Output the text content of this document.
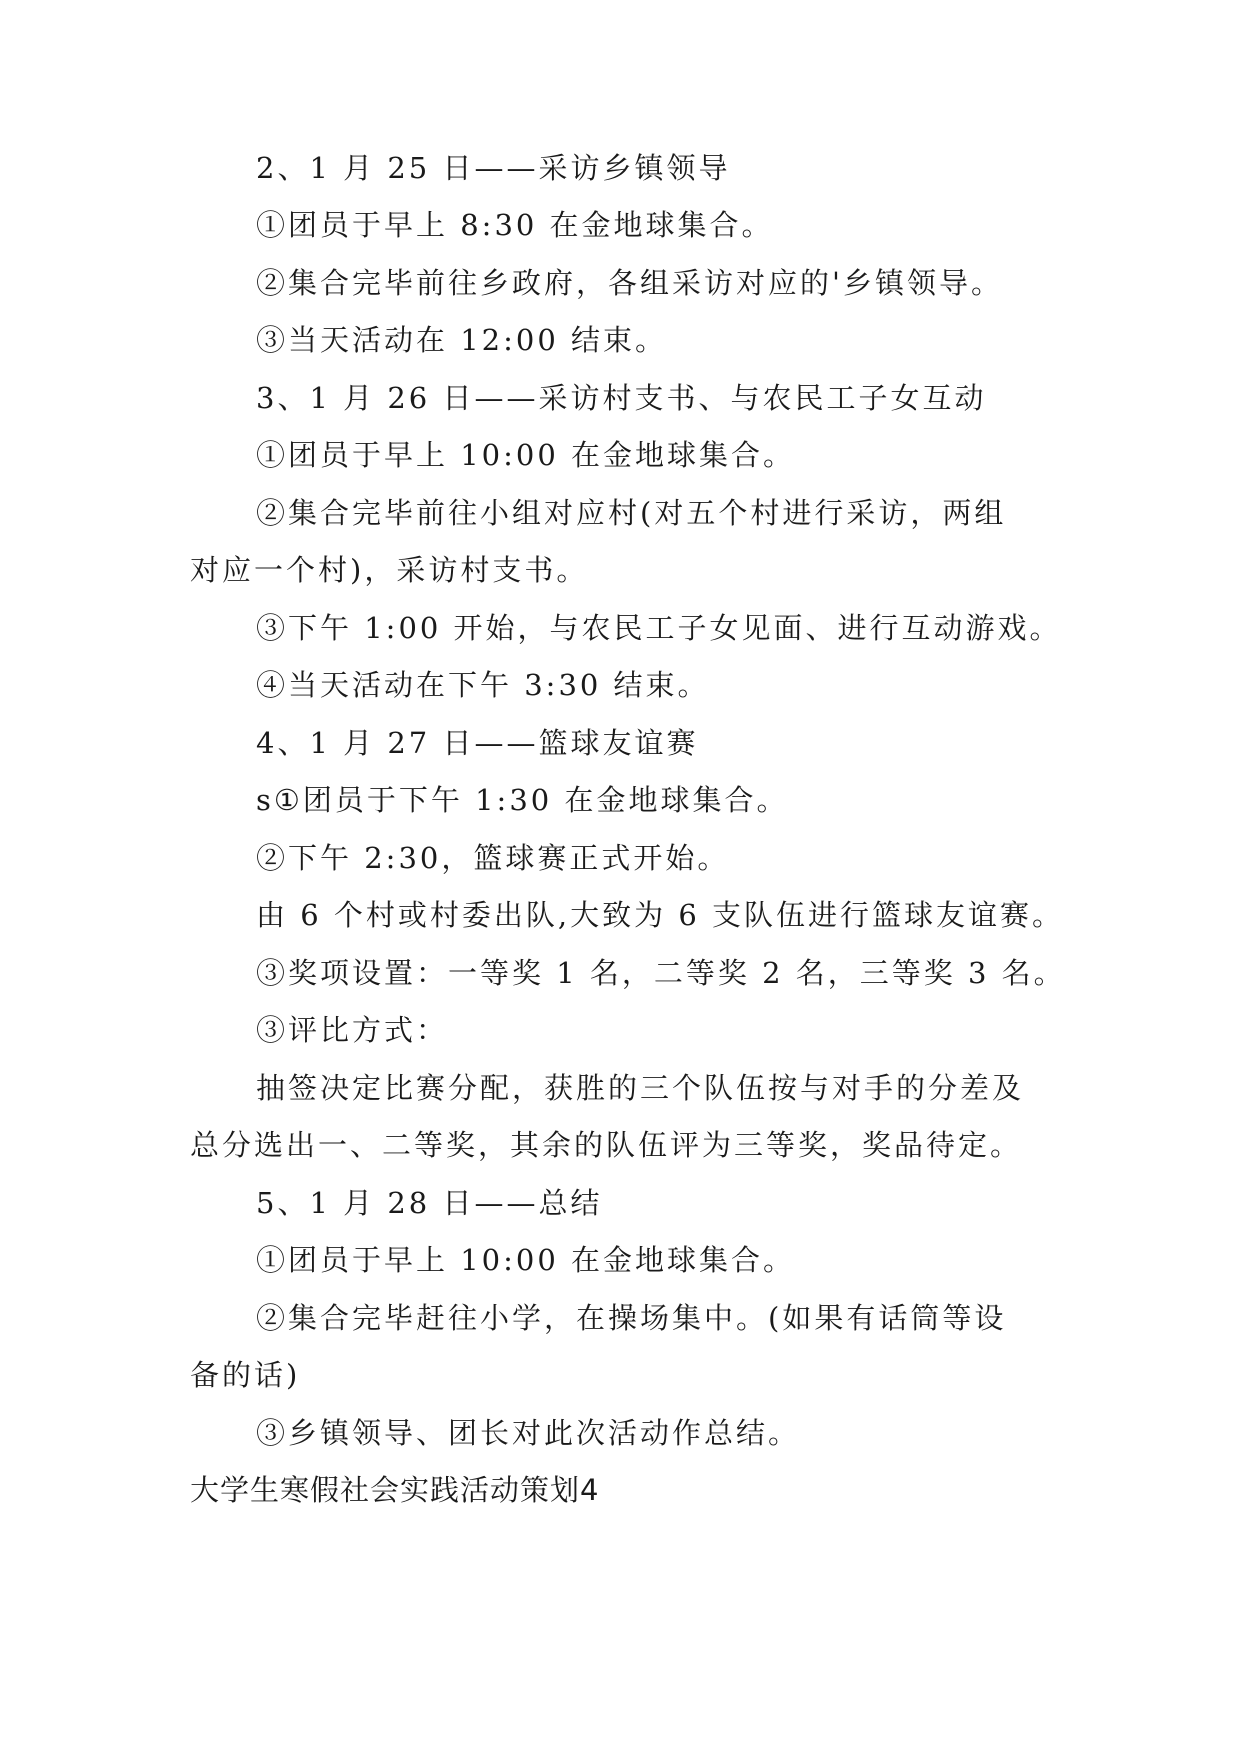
2、1 月 25 日——采访乡镇领导

①团员于早上 8:30 在金地球集合。

②集合完毕前往乡政府，各组采访对应的'乡镇领导。

③当天活动在 12:00 结束。

3、1 月 26 日——采访村支书、与农民工子女互动

①团员于早上 10:00 在金地球集合。

②集合完毕前往小组对应村(对五个村进行采访，两组

对应一个村)，采访村支书。

③下午 1:00 开始，与农民工子女见面、进行互动游戏。

④当天活动在下午 3:30 结束。

4、1 月 27 日——篮球友谊赛

s①团员于下午 1:30 在金地球集合。

②下午 2:30，篮球赛正式开始。

由 6 个村或村委出队,大致为 6 支队伍进行篮球友谊赛。

③奖项设置：一等奖 1 名，二等奖 2 名，三等奖 3 名。

③评比方式：

抽签决定比赛分配，获胜的三个队伍按与对手的分差及

总分选出一、二等奖，其余的队伍评为三等奖，奖品待定。

5、1 月 28 日——总结

①团员于早上 10:00 在金地球集合。

②集合完毕赶往小学，在操场集中。(如果有话筒等设

备的话)

③乡镇领导、团长对此次活动作总结。

大学生寒假社会实践活动策划4
